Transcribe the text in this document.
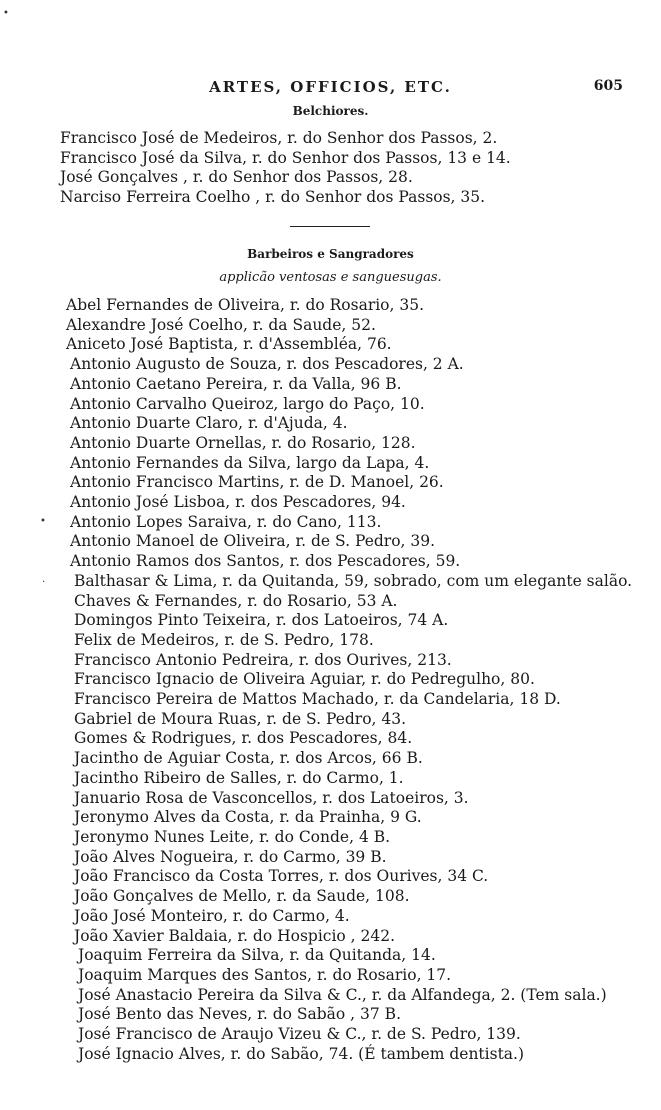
ARTES, OFFICIOS, ETC.	605
Belchiores.
Francisco José de Medeiros, r. do Senhor dos Passos, 2.
Francisco José da Silva, r. do Senhor dos Passos, 13 e 14.
José Gonçalves , r. do Senhor dos Passos, 28.
Narciso Ferreira Coelho , r. do Senhor dos Passos, 35.
Barbeiros e Sangradores
applicão ventosas e sanguesugas.
Abel Fernandes de Oliveira, r. do Rosario, 35.
Alexandre José Coelho, r. da Saude, 52.
Aniceto José Baptista, r. d'Assembléa, 76.
Antonio Augusto de Souza, r. dos Pescadores, 2 A.
Antonio Caetano Pereira, r. da Valla, 96 B.
Antonio Carvalho Queiroz, largo do Paço, 10.
Antonio Duarte Claro, r. d'Ajuda, 4.
Antonio Duarte Ornellas, r. do Rosario, 128.
Antonio Fernandes da Silva, largo da Lapa, 4.
Antonio Francisco Martins, r. de D. Manoel, 26.
Antonio José Lisboa, r. dos Pescadores, 94.
Antonio Lopes Saraiva, r. do Cano, 113.
Antonio Manoel de Oliveira, r. de S. Pedro, 39.
Antonio Ramos dos Santos, r. dos Pescadores, 59.
Balthasar & Lima, r. da Quitanda, 59, sobrado, com um elegante salão.
Chaves & Fernandes, r. do Rosario, 53 A.
Domingos Pinto Teixeira, r. dos Latoeiros, 74 A.
Felix de Medeiros, r. de S. Pedro, 178.
Francisco Antonio Pedreira, r. dos Ourives, 213.
Francisco Ignacio de Oliveira Aguiar, r. do Pedregulho, 80.
Francisco Pereira de Mattos Machado, r. da Candelaria, 18 D.
Gabriel de Moura Ruas, r. de S. Pedro, 43.
Gomes & Rodrigues, r. dos Pescadores, 84.
Jacintho de Aguiar Costa, r. dos Arcos, 66 B.
Jacintho Ribeiro de Salles, r. do Carmo, 1.
Januario Rosa de Vasconcellos, r. dos Latoeiros, 3.
Jeronymo Alves da Costa, r. da Prainha, 9 G.
Jeronymo Nunes Leite, r. do Conde, 4 B.
João Alves Nogueira, r. do Carmo, 39 B.
João Francisco da Costa Torres, r. dos Ourives, 34 C.
João Gonçalves de Mello, r. da Saude, 108.
João José Monteiro, r. do Carmo, 4.
João Xavier Baldaia, r. do Hospicio , 242.
Joaquim Ferreira da Silva, r. da Quitanda, 14.
Joaquim Marques des Santos, r. do Rosario, 17.
José Anastacio Pereira da Silva & C., r. da Alfandega, 2. (Tem sala.)
José Bento das Neves, r. do Sabão , 37 B.
José Francisco de Araujo Vizeu & C., r. de S. Pedro, 139.
José Ignacio Alves, r. do Sabão, 74. (É tambem dentista.)
•
•
·
